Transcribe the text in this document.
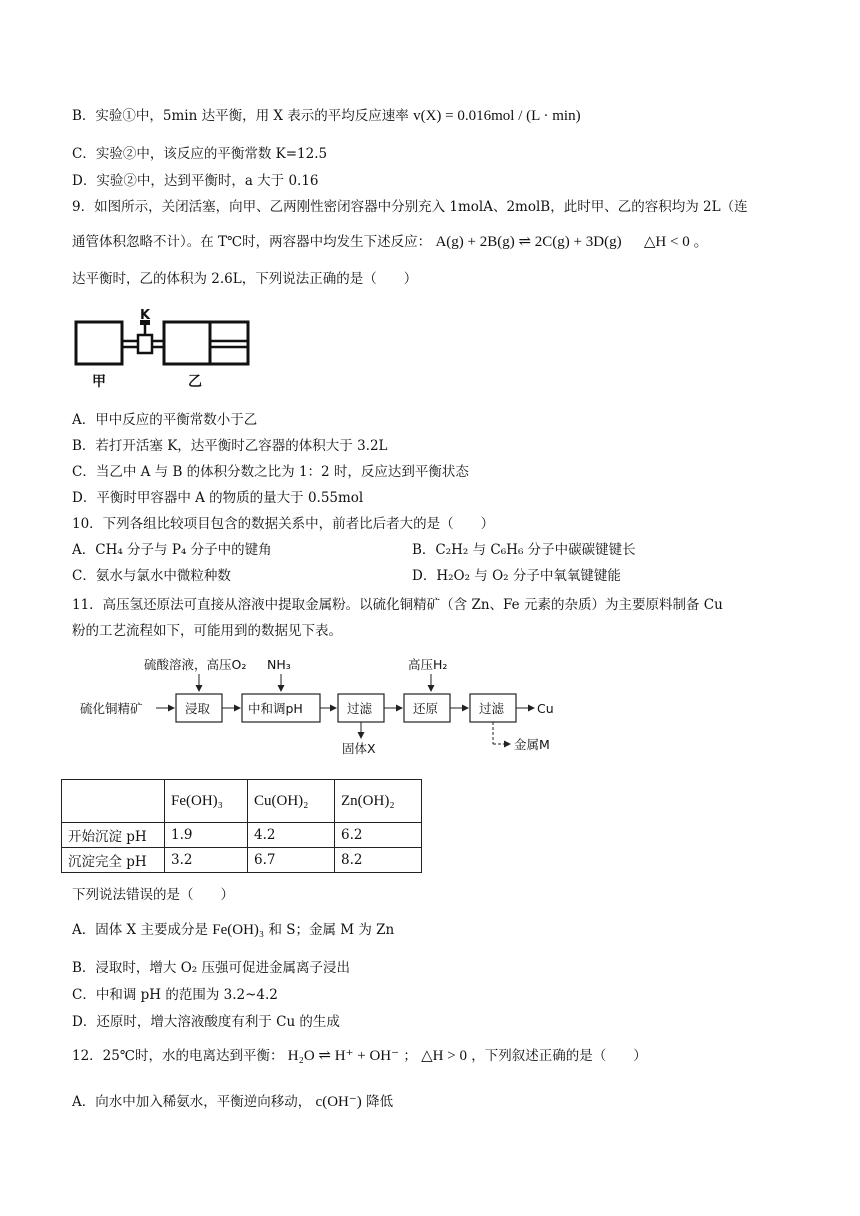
B．实验①中，5min 达平衡，用 X 表示的平均反应速率 v(X) = 0.016mol / (L · min)
C．实验②中，该反应的平衡常数 K=12.5
D．实验②中，达到平衡时，a 大于 0.16
9．如图所示，关闭活塞，向甲、乙两刚性密闭容器中分别充入 1molA、2molB，此时甲、乙的容积均为 2L（连
通管体积忽略不计）。在 T℃时，两容器中均发生下述反应： A(g) + 2B(g) ⇌ 2C(g) + 3D(g) △H < 0 。
达平衡时，乙的体积为 2.6L，下列说法正确的是（　　）
K
甲	乙
A．甲中反应的平衡常数小于乙
B．若打开活塞 K，达平衡时乙容器的体积大于 3.2L
C．当乙中 A 与 B 的体积分数之比为 1：2 时，反应达到平衡状态
D．平衡时甲容器中 A 的物质的量大于 0.55mol
10．下列各组比较项目包含的数据关系中，前者比后者大的是（　　）
A．CH₄ 分子与 P₄ 分子中的键角	B．C₂H₂ 与 C₆H₆ 分子中碳碳键键长
C．氨水与氯水中微粒种数	D．H₂O₂ 与 O₂ 分子中氧氧键键能
11．高压氢还原法可直接从溶液中提取金属粉。以硫化铜精矿（含 Zn、Fe 元素的杂质）为主要原料制备 Cu
粉的工艺流程如下，可能用到的数据见下表。
硫酸溶液，高压O₂ NH₃	高压H₂
硫化铜精矿	浸取	中和调pH	过滤	还原	过滤	Cu
固体X	金属M
	Fe(OH)₃	Cu(OH)₂	Zn(OH)₂
开始沉淀 pH	1.9	4.2	6.2
沉淀完全 pH	3.2	6.7	8.2
下列说法错误的是（　　）
A．固体 X 主要成分是 Fe(OH)₃ 和 S；金属 M 为 Zn
B．浸取时，增大 O₂ 压强可促进金属离子浸出
C．中和调 pH 的范围为 3.2~4.2
D．还原时，增大溶液酸度有利于 Cu 的生成
12．25℃时，水的电离达到平衡： H₂O ⇌ H⁺ + OH⁻ ； △H > 0 ，下列叙述正确的是（　　）
A．向水中加入稀氨水，平衡逆向移动， c(OH⁻) 降低
